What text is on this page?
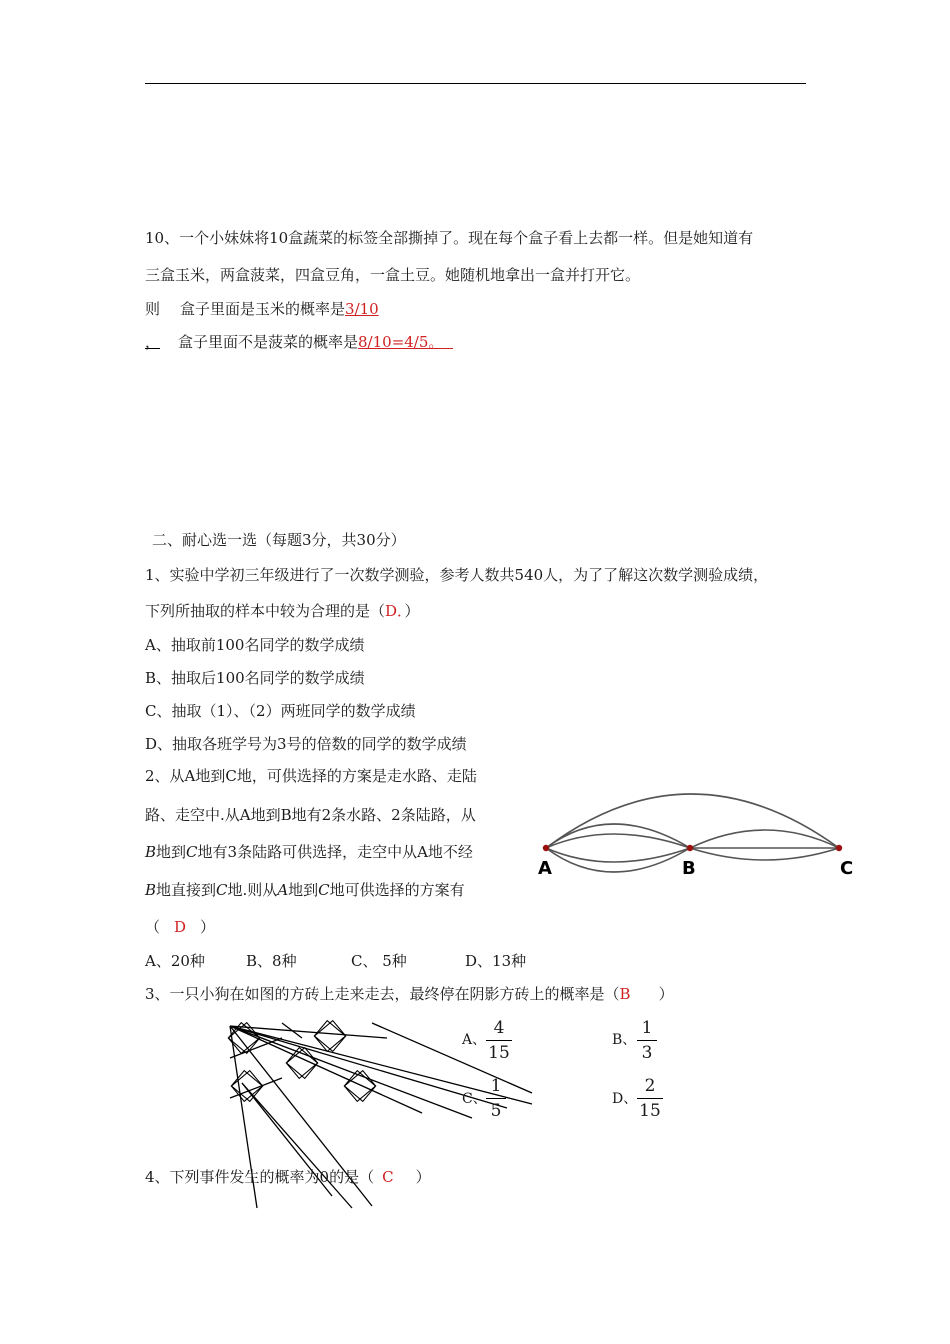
10、一个小妹妹将10盒蔬菜的标签全部撕掉了。现在每个盒子看上去都一样。但是她知道有
三盒玉米，两盒菠菜，四盒豆角，一盒土豆。她随机地拿出一盒并打开它。
则 盒子里面是玉米的概率是3/10
， 盒子里面不是菠菜的概率是8/10=4/5。
二、耐心选一选（每题3分，共30分）
1、实验中学初三年级进行了一次数学测验，参考人数共540人，为了了解这次数学测验成绩，
下列所抽取的样本中较为合理的是（D．）
A、抽取前100名同学的数学成绩
B、抽取后100名同学的数学成绩
C、抽取（1）、（2）两班同学的数学成绩
D、抽取各班学号为3号的倍数的同学的数学成绩
2、从A地到C地，可供选择的方案是走水路、走陆
路、走空中.从A地到B地有2条水路、2条陆路，从
B地到C地有3条陆路可供选择，走空中从A地不经
B地直接到C地.则从A地到C地可供选择的方案有
（ D ）
A、20种	B、8种	C、 5种	D、13种
A	B	C
3、一只小狗在如图的方砖上走来走去，最终停在阴影方砖上的概率是（B ）
A、
4
15
B、
1
3
C、
1
5
D、
2
15
4、下列事件发生的概率为0的是（ C ）
